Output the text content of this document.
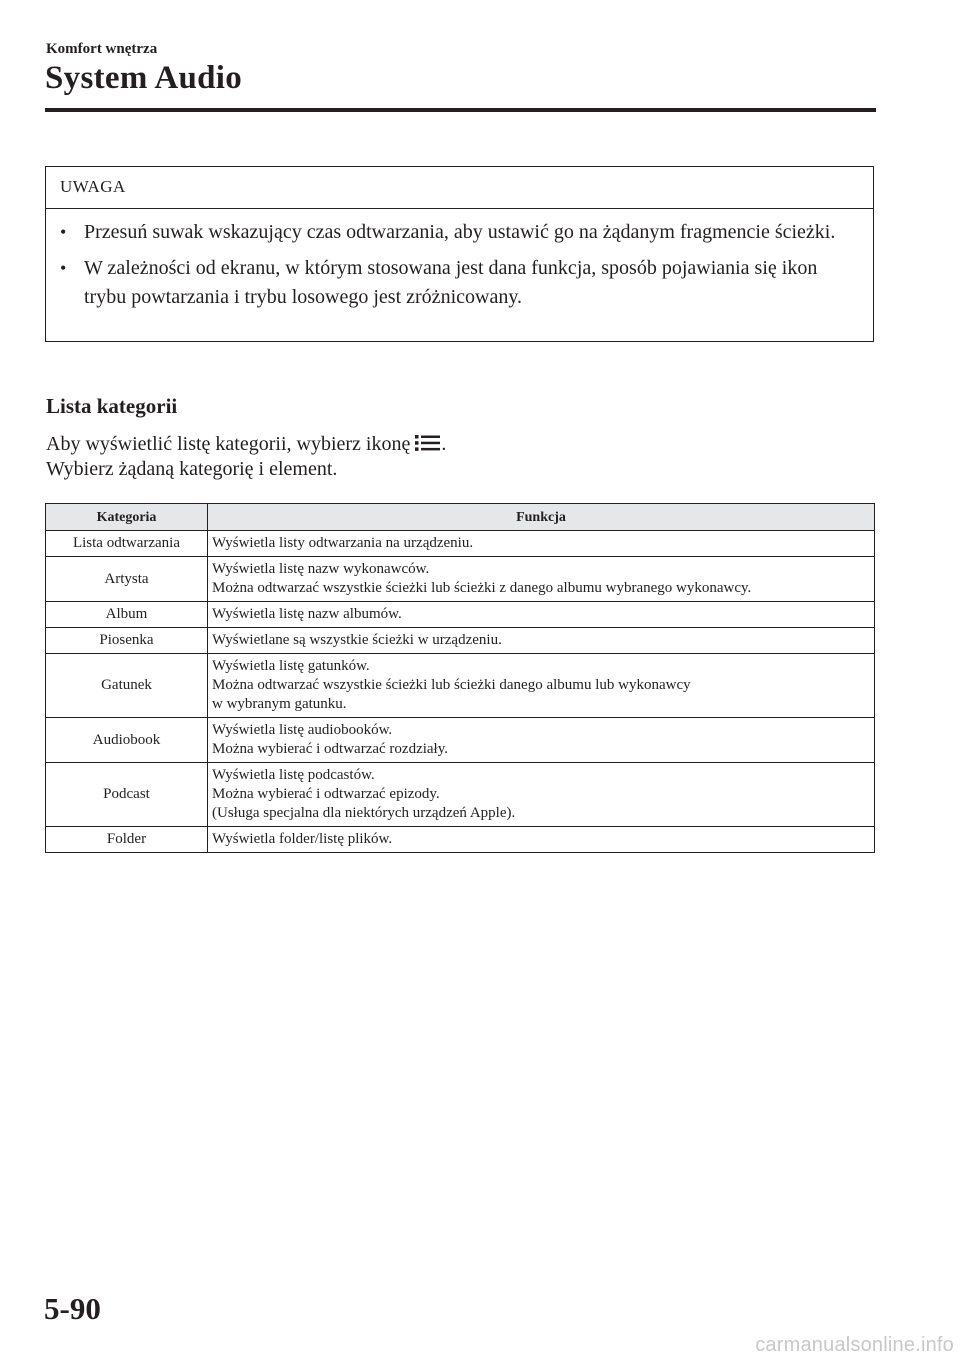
Komfort wnętrza
System Audio
UWAGA
• Przesuń suwak wskazujący czas odtwarzania, aby ustawić go na żądanym fragmencie ścieżki.
• W zależności od ekranu, w którym stosowana jest dana funkcja, sposób pojawiania się ikon trybu powtarzania i trybu losowego jest zróżnicowany.
Lista kategorii
Aby wyświetlić listę kategorii, wybierz ikonę .
Wybierz żądaną kategorię i element.
Kategoria	Funkcja
Lista odtwarzania	Wyświetla listy odtwarzania na urządzeniu.

Artysta	Wyświetla listę nazw wykonawców.
Można odtwarzać wszystkie ścieżki lub ścieżki z danego albumu wybranego wykonawcy.

Album	Wyświetla listę nazw albumów.

Piosenka	Wyświetlane są wszystkie ścieżki w urządzeniu.

Gatunek	Wyświetla listę gatunków.
Można odtwarzać wszystkie ścieżki lub ścieżki danego albumu lub wykonawcy
w wybranym gatunku.

Audiobook	Wyświetla listę audiobooków.
Można wybierać i odtwarzać rozdziały.

Podcast	Wyświetla listę podcastów.
Można wybierać i odtwarzać epizody.
(Usługa specjalna dla niektórych urządzeń Apple).

Folder	Wyświetla folder/listę plików.
5-90
carmanualsonline.info
